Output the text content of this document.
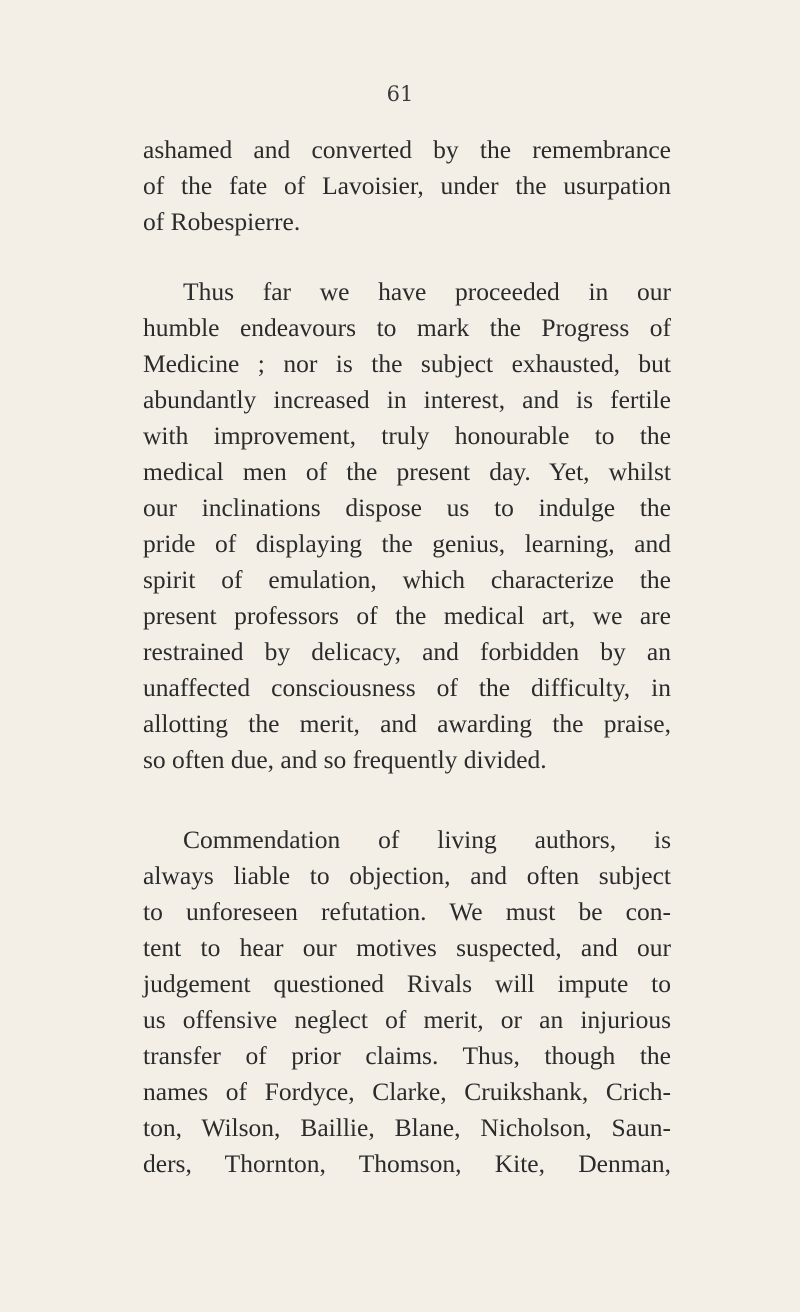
61
ashamed and converted by the remembrance
of the fate of Lavoisier, under the usurpation
of Robespierre.
Thus far we have proceeded in our
humble endeavours to mark the Progress of
Medicine ; nor is the subject exhausted, but
abundantly increased in interest, and is fertile
with improvement, truly honourable to the
medical men of the present day. Yet, whilst
our inclinations dispose us to indulge the
pride of displaying the genius, learning, and
spirit of emulation, which characterize the
present professors of the medical art, we are
restrained by delicacy, and forbidden by an
unaffected consciousness of the difficulty, in
allotting the merit, and awarding the praise,
so often due, and so frequently divided.
Commendation of living authors, is
always liable to objection, and often subject
to unforeseen refutation. We must be con-
tent to hear our motives suspected, and our
judgement questioned Rivals will impute to
us offensive neglect of merit, or an injurious
transfer of prior claims. Thus, though the
names of Fordyce, Clarke, Cruikshank, Crich-
ton, Wilson, Baillie, Blane, Nicholson, Saun-
ders, Thornton, Thomson, Kite, Denman,
